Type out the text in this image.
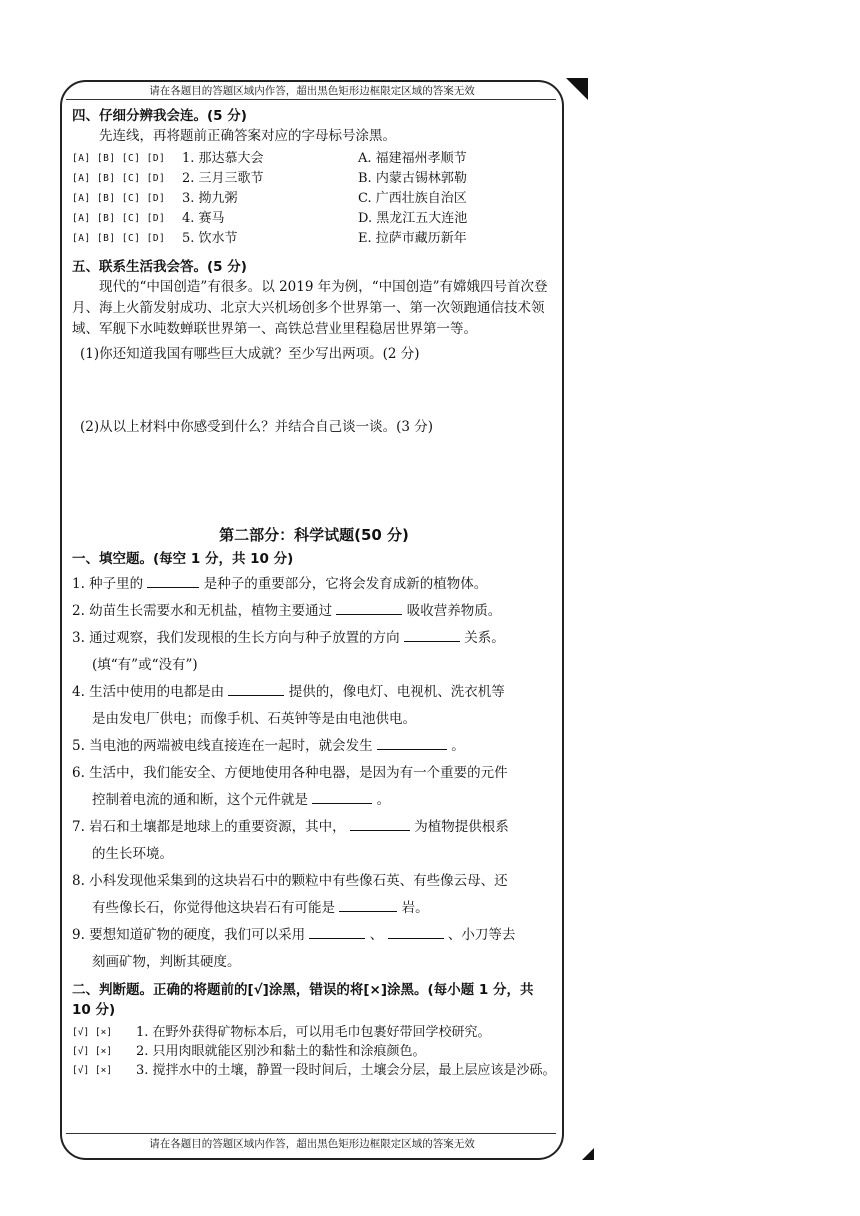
请在各题目的答题区域内作答，超出黑色矩形边框限定区域的答案无效
四、仔细分辨我会连。(5 分)
先连线，再将题前正确答案对应的字母标号涂黑。
[A] [B] [C] [D]	1. 那达慕大会	A. 福建福州孝顺节
[A] [B] [C] [D]	2. 三月三歌节	B. 内蒙古锡林郭勒
[A] [B] [C] [D]	3. 拗九粥	C. 广西壮族自治区
[A] [B] [C] [D]	4. 赛马	D. 黑龙江五大连池
[A] [B] [C] [D]	5. 饮水节	E. 拉萨市藏历新年
五、联系生活我会答。(5 分)
现代的“中国创造”有很多。以 2019 年为例，“中国创造”有嫦娥四号首次登月、海上火箭发射成功、北京大兴机场创多个世界第一、第一次领跑通信技术领域、军舰下水吨数蝉联世界第一、高铁总营业里程稳居世界第一等。
(1)你还知道我国有哪些巨大成就？至少写出两项。(2 分)
(2)从以上材料中你感受到什么？并结合自己谈一谈。(3 分)
第二部分：科学试题(50 分)
一、填空题。(每空 1 分，共 10 分)
1. 种子里的	是种子的重要部分，它将会发育成新的植物体。
2. 幼苗生长需要水和无机盐，植物主要通过	吸收营养物质。
3. 通过观察，我们发现根的生长方向与种子放置的方向	关系。
(填“有”或“没有”)
4. 生活中使用的电都是由	提供的，像电灯、电视机、洗衣机等
是由发电厂供电；而像手机、石英钟等是由电池供电。
5. 当电池的两端被电线直接连在一起时，就会发生	。
6. 生活中，我们能安全、方便地使用各种电器，是因为有一个重要的元件
控制着电流的通和断，这个元件就是	。
7. 岩石和土壤都是地球上的重要资源，其中，	为植物提供根系
的生长环境。
8. 小科发现他采集到的这块岩石中的颗粒中有些像石英、有些像云母、还
有些像长石，你觉得他这块岩石有可能是	岩。
9. 要想知道矿物的硬度，我们可以采用	、	、小刀等去
刻画矿物，判断其硬度。
二、判断题。正确的将题前的[√]涂黑，错误的将[×]涂黑。(每小题 1 分，共 10 分)
[√] [×]	1. 在野外获得矿物标本后，可以用毛巾包裹好带回学校研究。
[√] [×]	2. 只用肉眼就能区别沙和黏土的黏性和涂痕颜色。
[√] [×]	3. 搅拌水中的土壤，静置一段时间后，土壤会分层，最上层应该是沙砾。
请在各题目的答题区域内作答，超出黑色矩形边框限定区域的答案无效
